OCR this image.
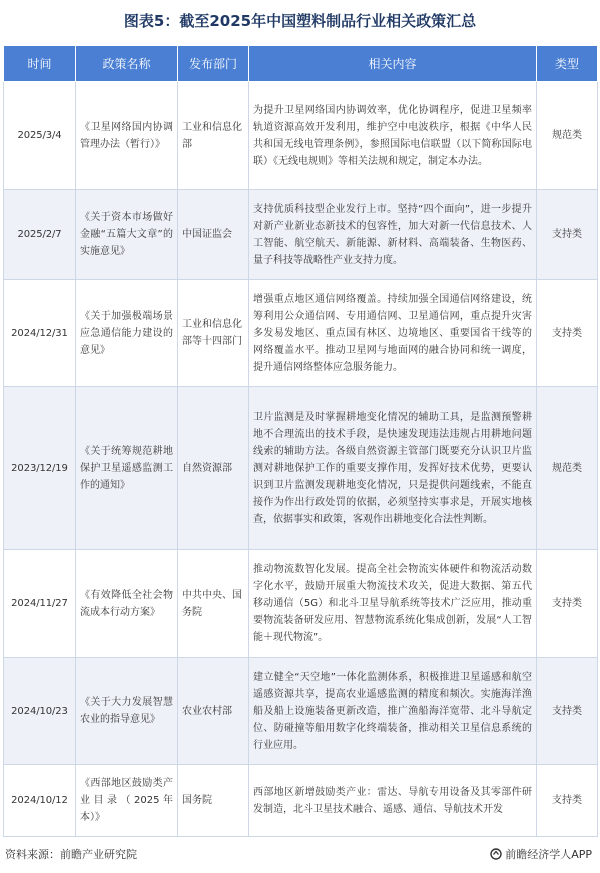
图表5：截至2025年中国塑料制品行业相关政策汇总
时间	政策名称	发布部门	相关内容	类型
2025/3/4	《卫星网络国内协调管理办法（暂行）》	工业和信息化部	为提升卫星网络国内协调效率，优化协调程序，促进卫星频率轨道资源高效开发利用，维护空中电波秩序，根据《中华人民共和国无线电管理条例》，参照国际电信联盟（以下简称国际电联）《无线电规则》等相关法规和规定，制定本办法。	规范类
2025/2/7	《关于资本市场做好金融“五篇大文章”的实施意见》	中国证监会	支持优质科技型企业发行上市。坚持“四个面向”，进一步提升对新产业新业态新技术的包容性，加大对新一代信息技术、人工智能、航空航天、新能源、新材料、高端装备、生物医药、量子科技等战略性产业支持力度。	支持类
2024/12/31	《关于加强极端场景应急通信能力建设的意见》	工业和信息化部等十四部门	增强重点地区通信网络覆盖。持续加强全国通信网络建设，统筹利用公众通信网、专用通信网、卫星通信网，重点提升灾害多发易发地区、重点国有林区、边境地区、重要国省干线等的网络覆盖水平。推动卫星网与地面网的融合协同和统一调度，提升通信网络整体应急服务能力。	支持类
2023/12/19	《关于统筹规范耕地保护卫星遥感监测工作的通知》	自然资源部	卫片监测是及时掌握耕地变化情况的辅助工具，是监测预警耕地不合理流出的技术手段，是快速发现违法违规占用耕地问题线索的辅助方法。各级自然资源主管部门既要充分认识卫片监测对耕地保护工作的重要支撑作用，发挥好技术优势，更要认识到卫片监测发现耕地变化情况，只是提供问题线索，不能直接作为作出行政处罚的依据，必须坚持实事求是，开展实地核查，依据事实和政策，客观作出耕地变化合法性判断。	规范类
2024/11/27	《有效降低全社会物流成本行动方案》	中共中央、国务院	推动物流数智化发展。提高全社会物流实体硬件和物流活动数字化水平，鼓励开展重大物流技术攻关，促进大数据、第五代移动通信（5G）和北斗卫星导航系统等技术广泛应用，推动重要物流装备研发应用、智慧物流系统化集成创新，发展“人工智能＋现代物流”。	支持类
2024/10/23	《关于大力发展智慧农业的指导意见》	农业农村部	建立健全“天空地”一体化监测体系，积极推进卫星遥感和航空遥感资源共享，提高农业遥感监测的精度和频次。实施海洋渔船及船上设施装备更新改造，推广渔船海洋宽带、北斗导航定位、防碰撞等船用数字化终端装备，推动相关卫星信息系统的行业应用。	支持类
2024/10/12	《西部地区鼓励类产业目录（2025年本）》	国务院	西部地区新增鼓励类产业：雷达、导航专用设备及其零部件研发制造，北斗卫星技术融合、遥感、通信、导航技术开发	支持类
资料来源：前瞻产业研究院	前瞻经济学人APP
